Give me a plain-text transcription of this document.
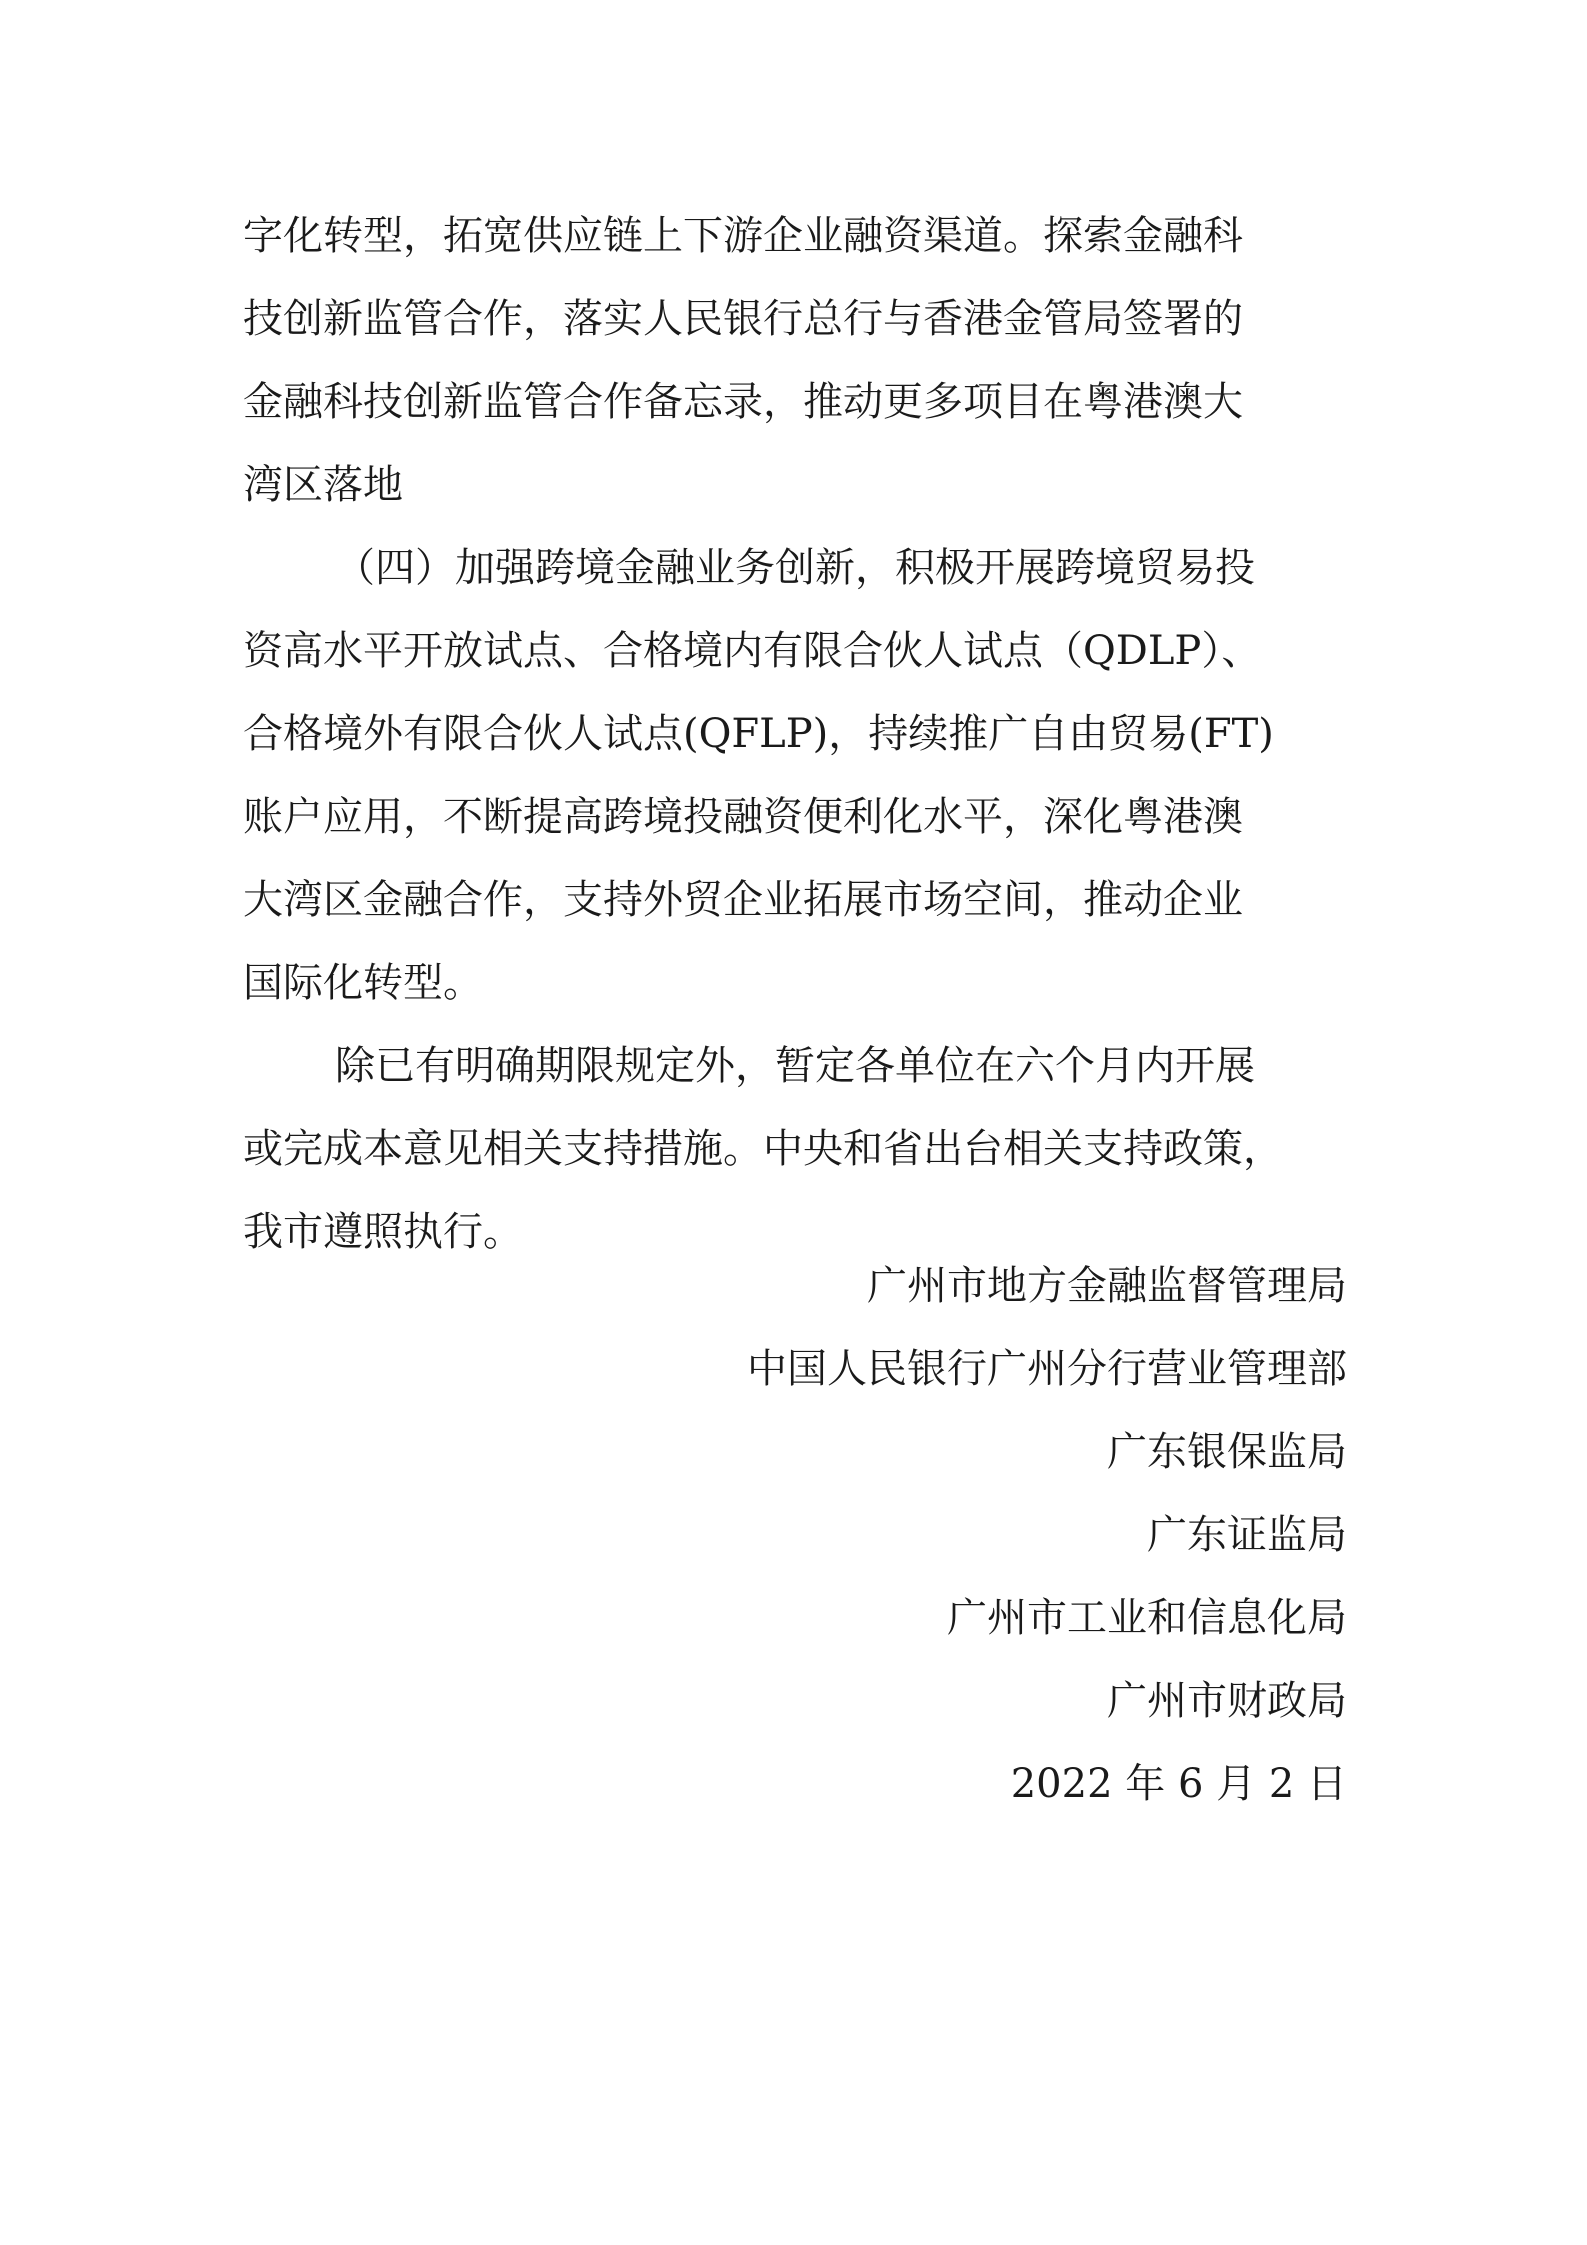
字化转型，拓宽供应链上下游企业融资渠道。探索金融科
技创新监管合作，落实人民银行总行与香港金管局签署的
金融科技创新监管合作备忘录，推动更多项目在粤港澳大
湾区落地
（四）加强跨境金融业务创新，积极开展跨境贸易投
资高水平开放试点、合格境内有限合伙人试点（QDLP）、
合格境外有限合伙人试点(QFLP)，持续推广自由贸易(FT)
账户应用，不断提高跨境投融资便利化水平，深化粤港澳
大湾区金融合作，支持外贸企业拓展市场空间，推动企业
国际化转型。
除已有明确期限规定外，暂定各单位在六个月内开展
或完成本意见相关支持措施。中央和省出台相关支持政策，
我市遵照执行。
广州市地方金融监督管理局
中国人民银行广州分行营业管理部
广东银保监局
广东证监局
广州市工业和信息化局
广州市财政局
2022 年 6 月 2 日
